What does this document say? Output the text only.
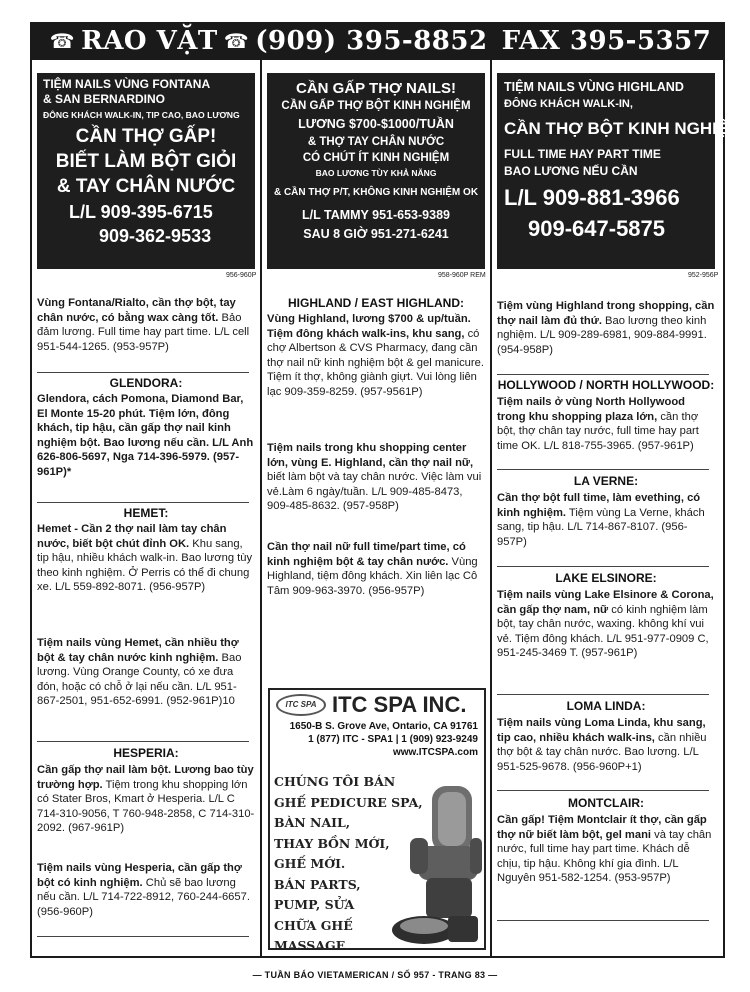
☎ RAO VẶT ☎ (909) 395-8852 FAX 395-5357
TIỆM NAILS VÙNG FONTANA
& SAN BERNARDINO
ĐÔNG KHÁCH WALK-IN, TIP CAO, BAO LƯƠNG
CẦN THỢ GẤP!
BIẾT LÀM BỘT GIỎI
& TAY CHÂN NƯỚC
L/L 909-395-6715
909-362-9533
956-960P
CẦN GẤP THỢ NAILS!
CẦN GẤP THỢ BỘT KINH NGHIỆM
LƯƠNG $700-$1000/TUẦN
& THỢ TAY CHÂN NƯỚC
CÓ CHÚT ÍT KINH NGHIỆM
BAO LƯƠNG TÙY KHẢ NĂNG
& CẦN THỢ P/T, KHÔNG KINH NGHIỆM OK
L/L TAMMY 951-653-9389
SAU 8 GIỜ 951-271-6241
958-960P REM
TIỆM NAILS VÙNG HIGHLAND
ĐÔNG KHÁCH WALK-IN,
CẦN THỢ BỘT KINH NGHIỆM
FULL TIME HAY PART TIME
BAO LƯƠNG NẾU CẦN
L/L 909-881-3966
909-647-5875
952-956P
Vùng Fontana/Rialto, cần thợ bột, tay chân nước, có bằng wax càng tốt. Bảo đảm lương. Full time hay part time. L/L cell 951-544-1265. (953-957P)
GLENDORA:
Glendora, cách Pomona, Diamond Bar, El Monte 15-20 phút. Tiệm lớn, đông khách, tip hậu, cần gấp thợ nail kinh nghiệm bột. Bao lương nếu cần. L/L Anh 626-806-5697, Nga 714-396-5979. (957-961P)*
HEMET:
Hemet - Cần 2 thợ nail làm tay chân nước, biết bột chút đỉnh OK. Khu sang, tip hậu, nhiều khách walk-in. Bao lương tùy theo kinh nghiệm. Ở Perris có thể đi chung xe. L/L 559-892-8071. (956-957P)
Tiệm nails vùng Hemet, cần nhiều thợ bột & tay chân nước kinh nghiệm. Bao lương. Vùng Orange County, có xe đưa đón, hoặc có chỗ ở lại nếu cần. L/L 951-867-2501, 951-652-6991. (952-961P)10
HESPERIA:
Cần gấp thợ nail làm bột. Lương bao tùy trường hợp. Tiệm trong khu shopping lớn có Stater Bros, Kmart ở Hesperia. L/L C 714-310-9056, T 760-948-2858, C 714-310-2092. (967-961P)
Tiệm nails vùng Hesperia, cần gấp thợ bột có kinh nghiệm. Chủ sẽ bao lương nếu cần. L/L 714-722-8912, 760-244-6657. (956-960P)
HIGHLAND / EAST HIGHLAND:
Vùng Highland, lương $700 & up/tuần. Tiệm đông khách walk-ins, khu sang, có chợ Albertson & CVS Pharmacy, đang cần thợ nail nữ kinh nghiệm bột & gel manicure. Tiệm ít thợ, không giành giựt. Vui lòng liên lạc 909-359-8259. (957-9561P)
Tiệm nails trong khu shopping center lớn, vùng E. Highland, cần thợ nail nữ, biết làm bột và tay chân nước. Việc làm vui vẻ.Làm 6 ngày/tuần. L/L 909-485-8473, 909-485-8632. (957-958P)
Cần thợ nail nữ full time/part time, có kinh nghiệm bột & tay chân nước. Vùng Highland, tiệm đông khách. Xin liên lạc Cô Tâm 909-963-3970. (956-957P)
ITC SPA ITC SPA INC.
1650-B S. Grove Ave, Ontario, CA 91761
1 (877) ITC - SPA1 | 1 (909) 923-9249
www.ITCSPA.com
CHÚNG TÔI BÁN
GHẾ PEDICURE SPA,
BÀN NAIL,
THAY BỒN MỚI,
GHẾ MỚI.
BÁN PARTS,
PUMP, SỬA
CHỮA GHẾ
MASSAGE
Tiệm vùng Highland trong shopping, cần thợ nail làm đủ thứ. Bao lương theo kinh nghiệm. L/L 909-289-6981, 909-884-9991. (954-958P)
HOLLYWOOD / NORTH HOLLYWOOD:
Tiệm nails ở vùng North Hollywood trong khu shopping plaza lớn, cần thợ bột, thợ chân tay nước, full time hay part time OK. L/L 818-755-3965. (957-961P)
LA VERNE:
Cần thợ bột full time, làm evething, có kinh nghiệm. Tiệm vùng La Verne, khách sang, tip hậu. L/L 714-867-8107. (956-957P)
LAKE ELSINORE:
Tiệm nails vùng Lake Elsinore & Corona, cần gấp thợ nam, nữ có kinh nghiệm làm bột, tay chân nước, waxing. không khí vui vẻ. Tiệm đông khách. L/L 951-977-0909 C, 951-245-3469 T. (957-961P)
LOMA LINDA:
Tiệm nails vùng Loma Linda, khu sang, tip cao, nhiều khách walk-ins, cần nhiều thợ bột & tay chân nước. Bao lương. L/L 951-525-9678. (956-960P+1)
MONTCLAIR:
Cần gấp! Tiệm Montclair ít thợ, cần gấp thợ nữ biết làm bột, gel mani và tay chân nước, full time hay part time. Khách dễ chịu, tip hậu. Không khí gia đình. L/L Nguyên 951-582-1254. (953-957P)
— TUẦN BÁO VIETAMERICAN / SỐ 957 - TRANG 83 —
